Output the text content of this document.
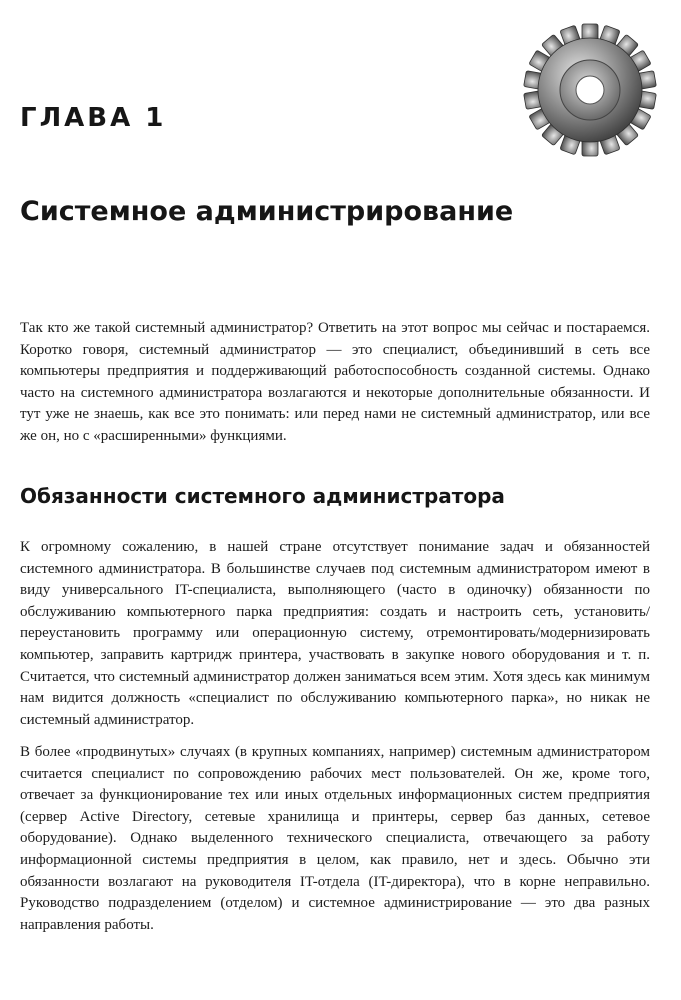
ГЛАВА 1
Системное администрирование

Так кто же такой системный администратор? Ответить на этот вопрос мы сейчас и постараемся. Коротко говоря, системный администратор — это специалист, объединивший в сеть все компьютеры предприятия и поддерживающий работоспособность созданной системы. Однако часто на системного администратора возлагаются и некоторые дополнительные обязанности. И тут уже не знаешь, как все это понимать: или перед нами не системный администратор, или все же он, но с «расширенными» функциями.

Обязанности системного администратора

К огромному сожалению, в нашей стране отсутствует понимание задач и обязанностей системного администратора. В большинстве случаев под системным администратором имеют в виду универсального IT-специалиста, выполняющего (часто в одиночку) обязанности по обслуживанию компьютерного парка предприятия: создать и настроить сеть, установить/переустановить программу или операционную систему, отремонтировать/модернизировать компьютер, заправить картридж принтера, участвовать в закупке нового оборудования и т. п. Считается, что системный администратор должен заниматься всем этим. Хотя здесь как минимум нам видится должность «специалист по обслуживанию компьютерного парка», но никак не системный администратор.

В более «продвинутых» случаях (в крупных компаниях, например) системным администратором считается специалист по сопровождению рабочих мест пользователей. Он же, кроме того, отвечает за функционирование тех или иных отдельных информационных систем предприятия (сервер Active Directory, сетевые хранилища и принтеры, сервер баз данных, сетевое оборудование). Однако выделенного технического специалиста, отвечающего за работу информационной системы предприятия в целом, как правило, нет и здесь. Обычно эти обязанности возлагают на руководителя IT-отдела (IT-директора), что в корне неправильно. Руководство подразделением (отделом) и системное администрирование — это два разных направления работы.
